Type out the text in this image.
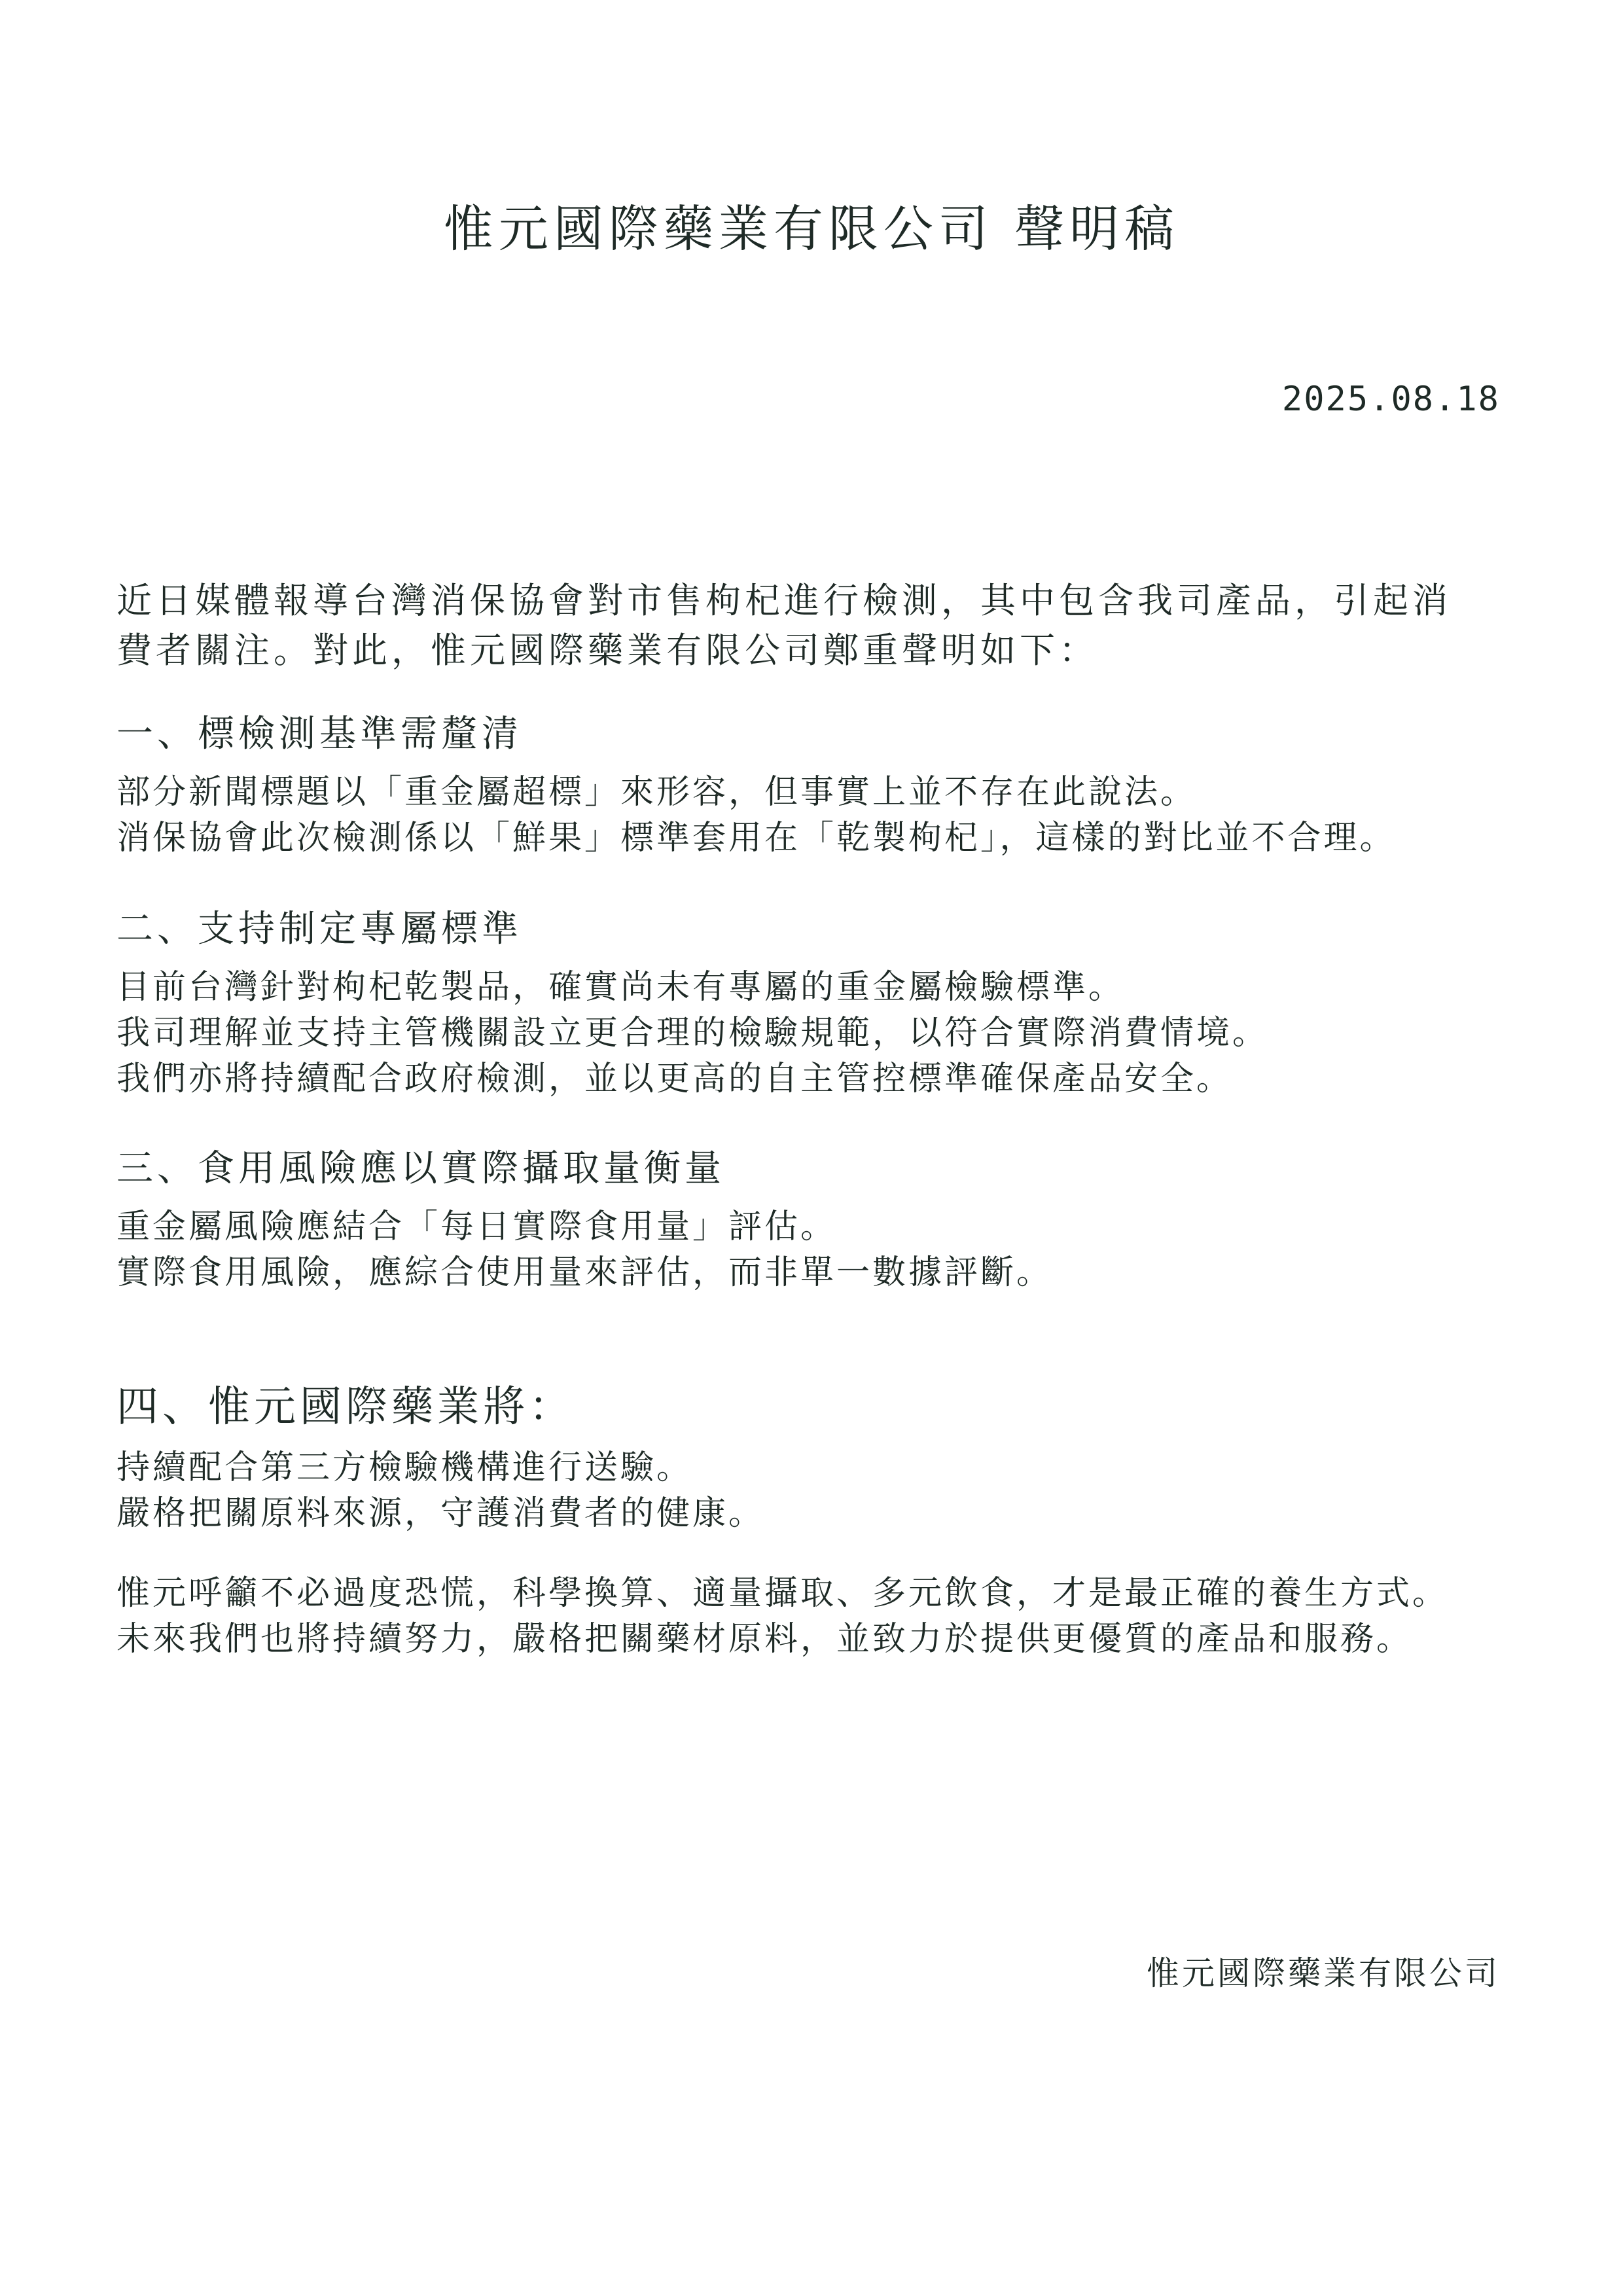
惟元國際藥業有限公司 聲明稿
2025.08.18
近日媒體報導台灣消保協會對市售枸杞進行檢測，其中包含我司產品，引起消
費者關注。對此，惟元國際藥業有限公司鄭重聲明如下：
一、標檢測基準需釐清
部分新聞標題以「重金屬超標」來形容，但事實上並不存在此說法。
消保協會此次檢測係以「鮮果」標準套用在「乾製枸杞」，這樣的對比並不合理。
二、支持制定專屬標準
目前台灣針對枸杞乾製品，確實尚未有專屬的重金屬檢驗標準。
我司理解並支持主管機關設立更合理的檢驗規範，以符合實際消費情境。
我們亦將持續配合政府檢測，並以更高的自主管控標準確保產品安全。
三、食用風險應以實際攝取量衡量
重金屬風險應結合「每日實際食用量」評估。
實際食用風險，應綜合使用量來評估，而非單一數據評斷。
四、惟元國際藥業將：
持續配合第三方檢驗機構進行送驗。
嚴格把關原料來源，守護消費者的健康。
惟元呼籲不必過度恐慌，科學換算、適量攝取、多元飲食，才是最正確的養生方式。
未來我們也將持續努力，嚴格把關藥材原料，並致力於提供更優質的產品和服務。
惟元國際藥業有限公司
